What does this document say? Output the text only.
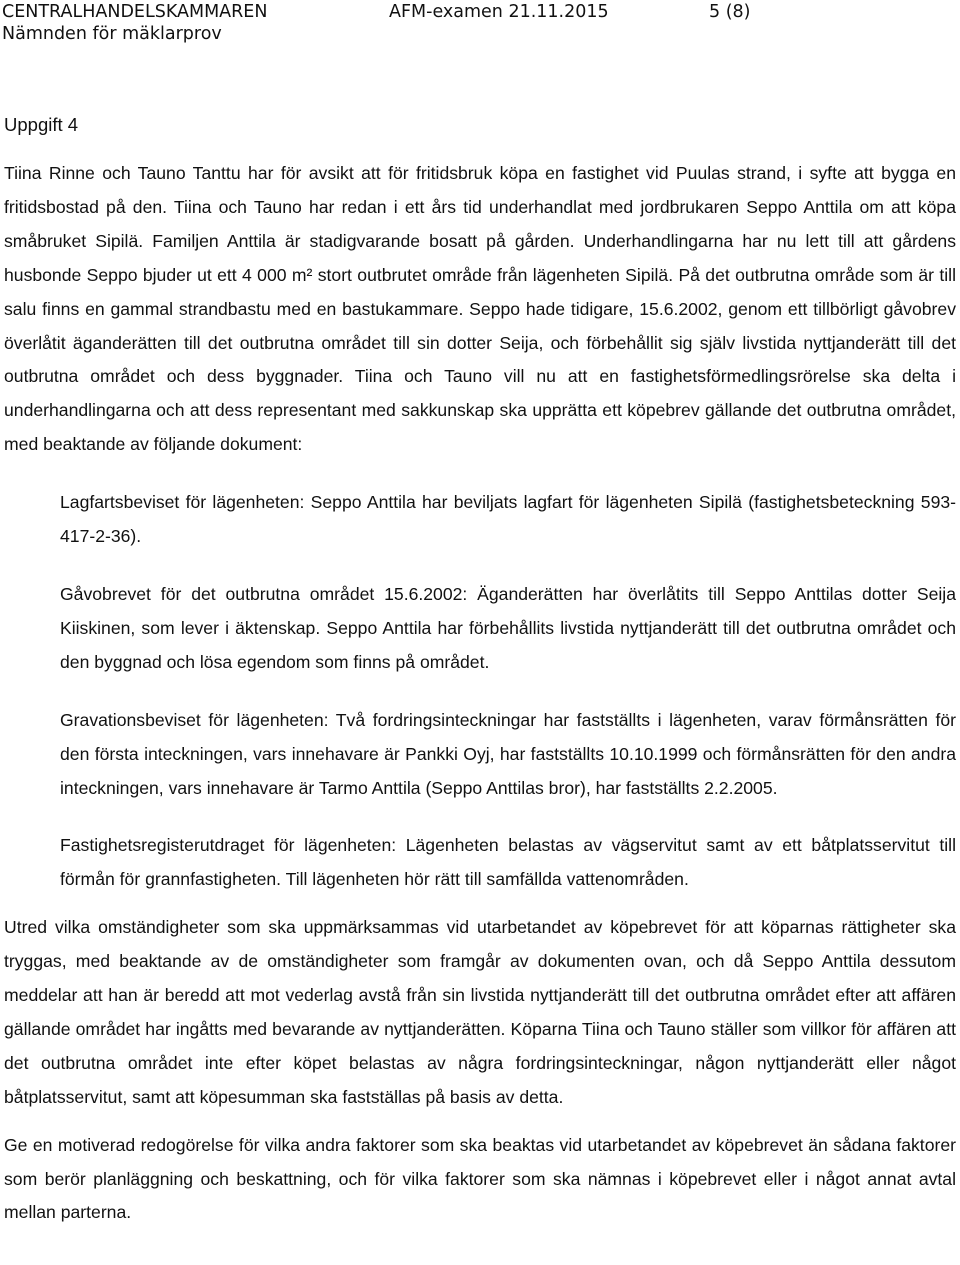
CENTRALHANDELSKAMMAREN	AFM-examen 21.11.2015	5 (8)
Nämnden för mäklarprov
Uppgift 4

Tiina Rinne och Tauno Tanttu har för avsikt att för fritidsbruk köpa en fastighet vid Puulas strand, i syfte att bygga en fritidsbostad på den. Tiina och Tauno har redan i ett års tid underhandlat med jordbrukaren Seppo Anttila om att köpa småbruket Sipilä. Familjen Anttila är stadigvarande bosatt på gården. Underhandlingarna har nu lett till att gårdens husbonde Seppo bjuder ut ett 4 000 m² stort outbrutet område från lägenheten Sipilä. På det outbrutna område som är till salu finns en gammal strandbastu med en bastukammare. Seppo hade tidigare, 15.6.2002, genom ett tillbörligt gåvobrev överlåtit äganderätten till det outbrutna området till sin dotter Seija, och förbehållit sig själv livstida nyttjanderätt till det outbrutna området och dess byggnader. Tiina och Tauno vill nu att en fastighetsförmedlingsrörelse ska delta i underhandlingarna och att dess representant med sakkunskap ska upprätta ett köpebrev gällande det outbrutna området, med beaktande av följande dokument:

Lagfartsbeviset för lägenheten: Seppo Anttila har beviljats lagfart för lägenheten Sipilä (fastighetsbeteckning 593-417-2-36).

Gåvobrevet för det outbrutna området 15.6.2002: Äganderätten har överlåtits till Seppo Anttilas dotter Seija Kiiskinen, som lever i äktenskap. Seppo Anttila har förbehållits livstida nyttjanderätt till det outbrutna området och den byggnad och lösa egendom som finns på området.

Gravationsbeviset för lägenheten: Två fordringsinteckningar har fastställts i lägenheten, varav förmånsrätten för den första inteckningen, vars innehavare är Pankki Oyj, har fastställts 10.10.1999 och förmånsrätten för den andra inteckningen, vars innehavare är Tarmo Anttila (Seppo Anttilas bror), har fastställts 2.2.2005.

Fastighetsregisterutdraget för lägenheten: Lägenheten belastas av vägservitut samt av ett båtplatsservitut till förmån för grannfastigheten. Till lägenheten hör rätt till samfällda vattenområden.

Utred vilka omständigheter som ska uppmärksammas vid utarbetandet av köpebrevet för att köparnas rättigheter ska tryggas, med beaktande av de omständigheter som framgår av dokumenten ovan, och då Seppo Anttila dessutom meddelar att han är beredd att mot vederlag avstå från sin livstida nyttjanderätt till det outbrutna området efter att affären gällande området har ingåtts med bevarande av nyttjanderätten. Köparna Tiina och Tauno ställer som villkor för affären att det outbrutna området inte efter köpet belastas av några fordringsinteckningar, någon nyttjanderätt eller något båtplatsservitut, samt att köpesumman ska fastställas på basis av detta.

Ge en motiverad redogörelse för vilka andra faktorer som ska beaktas vid utarbetandet av köpebrevet än sådana faktorer som berör planläggning och beskattning, och för vilka faktorer som ska nämnas i köpebrevet eller i något annat avtal mellan parterna.
